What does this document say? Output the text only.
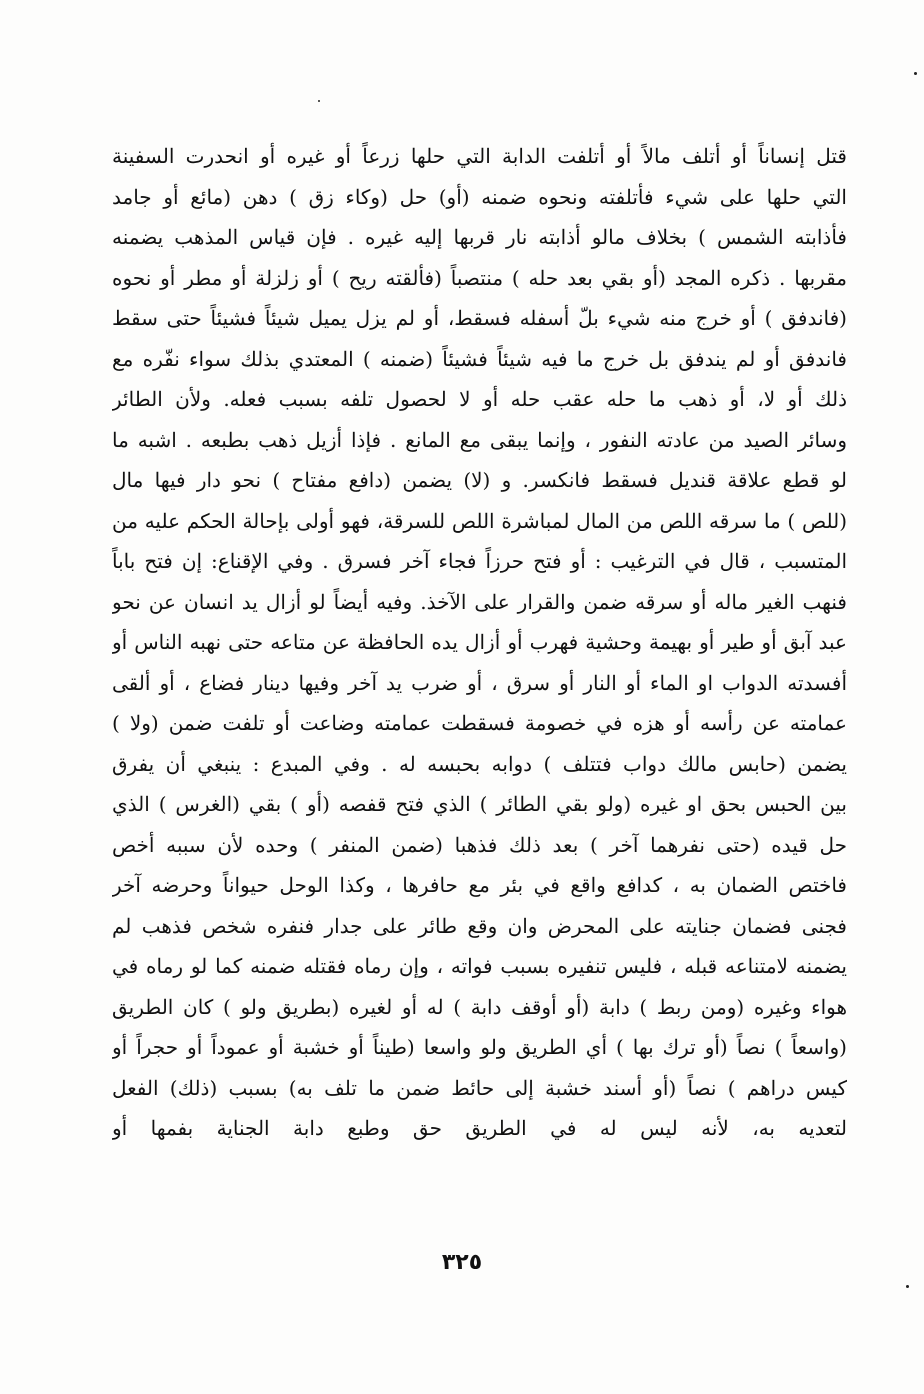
قتل إنساناً أو أتلف مالاً أو أتلفت الدابة التي حلها زرعاً أو غيره أو انحدرت السفينة
التي حلها على شيء فأتلفته ونحوه ضمنه (أو) حل (وكاء زق ) دهن (مائع أو جامد
فأذابته الشمس ) بخلاف مالو أذابته نار قربها إليه غيره . فإن قياس المذهب يضمنه
مقربها . ذكره المجد (أو بقي بعد حله ) منتصباً (فألقته ريح ) أو زلزلة أو مطر أو نحوه
(فاندفق ) أو خرج منه شيء بلّ أسفله فسقط، أو لم يزل يميل شيئاً فشيئاً حتى سقط
فاندفق أو لم يندفق بل خرج ما فيه شيئاً فشيئاً (ضمنه ) المعتدي بذلك سواء نفّره مع
ذلك أو لا، أو ذهب ما حله عقب حله أو لا لحصول تلفه بسبب فعله. ولأن الطائر
وسائر الصيد من عادته النفور ، وإنما يبقى مع المانع . فإذا أزيل ذهب بطبعه . اشبه ما
لو قطع علاقة قنديل فسقط فانكسر. و (لا) يضمن (دافع مفتاح ) نحو دار فيها مال
(للص ) ما سرقه اللص من المال لمباشرة اللص للسرقة، فهو أولى بإحالة الحكم عليه من
المتسبب ، قال في الترغيب : أو فتح حرزاً فجاء آخر فسرق . وفي الإقناع: إن فتح باباً
فنهب الغير ماله أو سرقه ضمن والقرار على الآخذ. وفيه أيضاً لو أزال يد انسان عن نحو
عبد آبق أو طير أو بهيمة وحشية فهرب أو أزال يده الحافظة عن متاعه حتى نهبه الناس أو
أفسدته الدواب او الماء أو النار أو سرق ، أو ضرب يد آخر وفيها دينار فضاع ، أو ألقى
عمامته عن رأسه أو هزه في خصومة فسقطت عمامته وضاعت أو تلفت ضمن (ولا )
يضمن (حابس مالك دواب فتتلف ) دوابه بحبسه له . وفي المبدع : ينبغي أن يفرق
بين الحبس بحق او غيره (ولو بقي الطائر ) الذي فتح قفصه (أو ) بقي (الغرس ) الذي
حل قيده (حتى نفرهما آخر ) بعد ذلك فذهبا (ضمن المنفر ) وحده لأن سببه أخص
فاختص الضمان به ، كدافع واقع في بئر مع حافرها ، وكذا الوحل حيواناً وحرضه آخر
فجنى فضمان جنايته على المحرض وان وقع طائر على جدار فنفره شخص فذهب لم
يضمنه لامتناعه قبله ، فليس تنفيره بسبب فواته ، وإن رماه فقتله ضمنه كما لو رماه في
هواء وغيره (ومن ربط ) دابة (أو أوقف دابة ) له أو لغيره (بطريق ولو ) كان الطريق
(واسعاً ) نصاً (أو ترك بها ) أي الطريق ولو واسعا (طيناً أو خشبة أو عموداً أو حجراً أو
كيس دراهم ) نصاً (أو أسند خشبة إلى حائط ضمن ما تلف به) بسبب (ذلك) الفعل
لتعديه به، لأنه ليس له في الطريق حق وطبع دابة الجناية بفمها أو
٣٢٥
